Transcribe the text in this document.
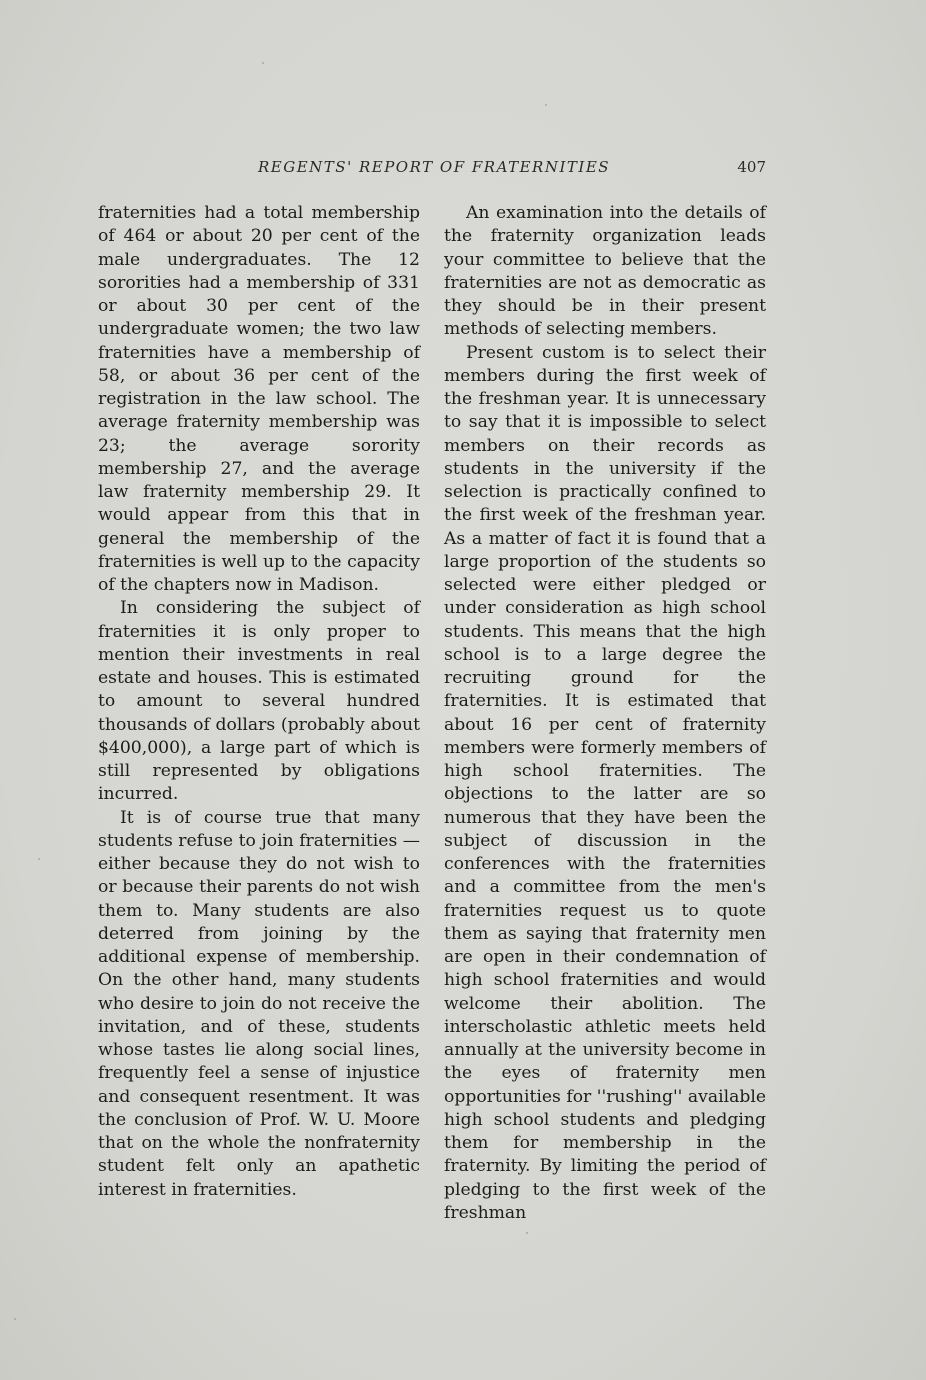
REGENTS' REPORT OF FRATERNITIES	407

fraternities had a total membership of 464 or about 20 per cent of the male undergraduates. The 12 sororities had a membership of 331 or about 30 per cent of the undergraduate women; the two law fraternities have a membership of 58, or about 36 per cent of the registration in the law school. The average fraternity membership was 23; the average sorority membership 27, and the average law fraternity membership 29. It would appear from this that in general the membership of the fraternities is well up to the capacity of the chapters now in Madison.

In considering the subject of fraternities it is only proper to mention their investments in real estate and houses. This is estimated to amount to several hundred thousands of dollars (probably about $400,000), a large part of which is still represented by obligations incurred.

It is of course true that many students refuse to join fraternities —either because they do not wish to or because their parents do not wish them to. Many students are also deterred from joining by the additional expense of membership. On the other hand, many students who desire to join do not receive the invitation, and of these, students whose tastes lie along social lines, frequently feel a sense of injustice and consequent resentment. It was the conclusion of Prof. W. U. Moore that on the whole the nonfraternity student felt only an apathetic interest in fraternities.

An examination into the details of the fraternity organization leads your committee to believe that the fraternities are not as democratic as they should be in their present methods of selecting members.

Present custom is to select their members during the first week of the freshman year. It is unnecessary to say that it is impossible to select members on their records as students in the university if the selection is practically confined to the first week of the freshman year. As a matter of fact it is found that a large proportion of the students so selected were either pledged or under consideration as high school students. This means that the high school is to a large degree the recruiting ground for the fraternities. It is estimated that about 16 per cent of fraternity members were formerly members of high school fraternities. The objections to the latter are so numerous that they have been the subject of discussion in the conferences with the fraternities and a committee from the men's fraternities request us to quote them as saying that fraternity men are open in their condemnation of high school fraternities and would welcome their abolition. The interscholastic athletic meets held annually at the university become in the eyes of fraternity men opportunities for ''rushing'' available high school students and pledging them for membership in the fraternity. By limiting the period of pledging to the first week of the freshman
